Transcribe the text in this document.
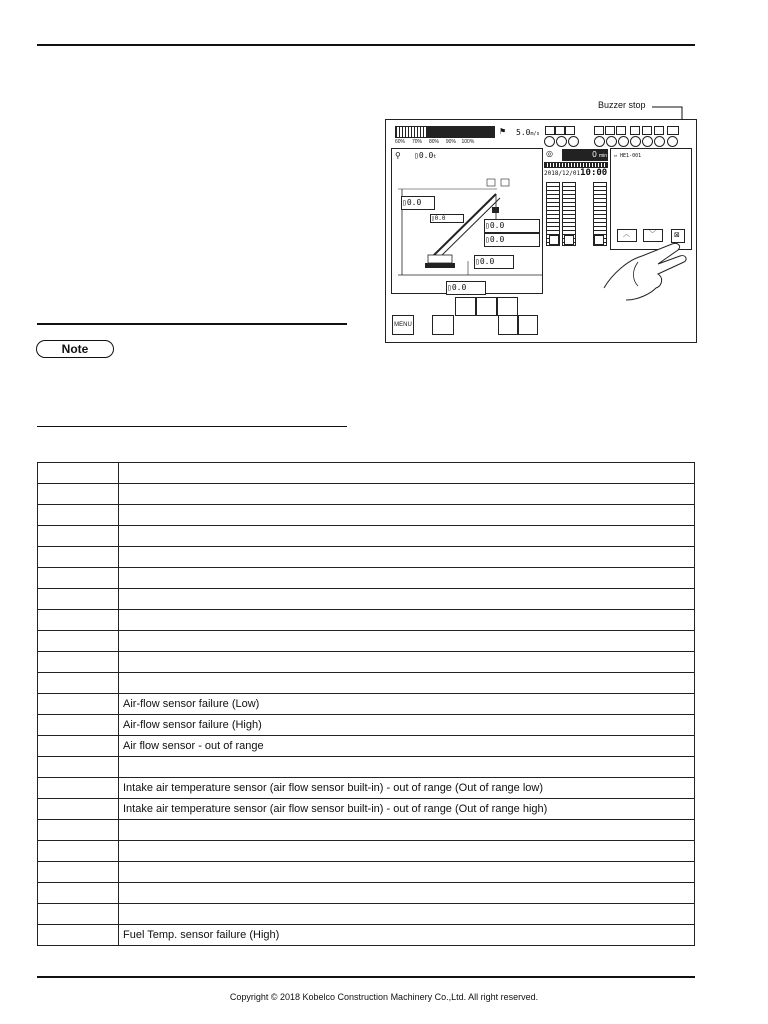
Buzzer stop
60% 70% 80% 90% 100%
⚑ 5.0m/s
⚲ ▯0.0t
▯0.0
▯0.0
▯0.0
▯0.0
▯0.0
▯0.0
◎	0 min
2018/12/0110:00
▭ HE1-001
︿	﹀	⊠
MENU
Note

	Air-flow sensor failure (Low)
	Air-flow sensor failure (High)
	Air flow sensor - out of range

	Intake air temperature sensor (air flow sensor built-in) - out of range (Out of range low)
	Intake air temperature sensor (air flow sensor built-in) - out of range (Out of range high)

	Fuel Temp. sensor failure (High)
Copyright © 2018 Kobelco Construction Machinery Co.,Ltd. All right reserved.
